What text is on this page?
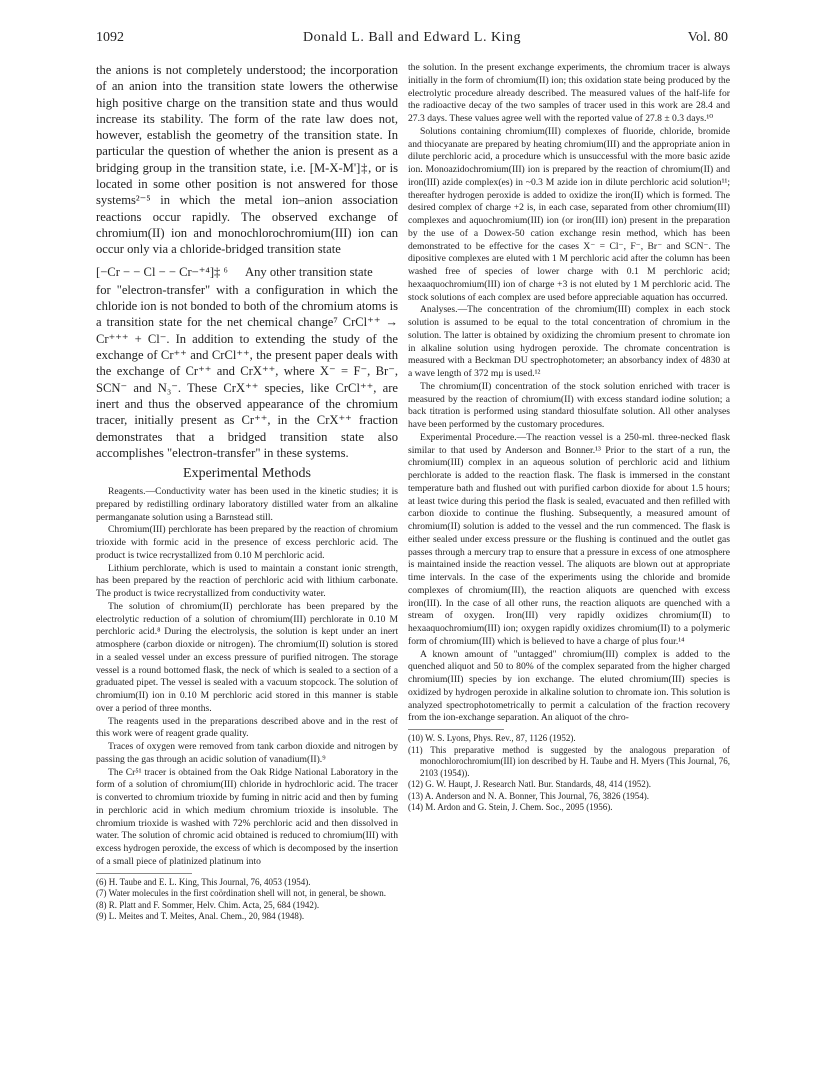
1092	Donald L. Ball and Edward L. King	Vol. 80

the anions is not completely understood; the incorporation of an anion into the transition state lowers the otherwise high positive charge on the transition state and thus would increase its stability. The form of the rate law does not, however, establish the geometry of the transition state. In particular the question of whether the anion is present as a bridging group in the transition state, i.e. [M-X-M']‡, or is located in some other position is not answered for those systems²⁻⁵ in which the metal ion–anion association reactions occur rapidly. The observed exchange of chromium(II) ion and monochlorochromium(III) ion can occur only via a chloride-bridged transition state

[−Cr − − Cl − − Cr−⁺⁴]‡ ⁶ Any other transition state

for "electron-transfer" with a configuration in which the chloride ion is not bonded to both of the chromium atoms is a transition state for the net chemical change⁷ CrCl⁺⁺ → Cr⁺⁺⁺ + Cl⁻. In addition to extending the study of the exchange of Cr⁺⁺ and CrCl⁺⁺, the present paper deals with the exchange of Cr⁺⁺ and CrX⁺⁺, where X⁻ = F⁻, Br⁻, SCN⁻ and N₃⁻. These CrX⁺⁺ species, like CrCl⁺⁺, are inert and thus the observed appearance of the chromium tracer, initially present as Cr⁺⁺, in the CrX⁺⁺ fraction demonstrates that a bridged transition state also accomplishes "electron-transfer" in these systems.

Experimental Methods

Reagents.—Conductivity water has been used in the kinetic studies; it is prepared by redistilling ordinary laboratory distilled water from an alkaline permanganate solution using a Barnstead still.

Chromium(III) perchlorate has been prepared by the reaction of chromium trioxide with formic acid in the presence of excess perchloric acid. The product is twice recrystallized from 0.10 M perchloric acid.

Lithium perchlorate, which is used to maintain a constant ionic strength, has been prepared by the reaction of perchloric acid with lithium carbonate. The product is twice recrystallized from conductivity water.

The solution of chromium(II) perchlorate has been prepared by the electrolytic reduction of a solution of chromium(III) perchlorate in 0.10 M perchloric acid.⁸ During the electrolysis, the solution is kept under an inert atmosphere (carbon dioxide or nitrogen). The chromium(II) solution is stored in a sealed vessel under an excess pressure of purified nitrogen. The storage vessel is a round bottomed flask, the neck of which is sealed to a section of a graduated pipet. The vessel is sealed with a vacuum stopcock. The solution of chromium(II) ion in 0.10 M perchloric acid stored in this manner is stable over a period of three months.

The reagents used in the preparations described above and in the rest of this work were of reagent grade quality.

Traces of oxygen were removed from tank carbon dioxide and nitrogen by passing the gas through an acidic solution of vanadium(II).⁹

The Cr⁵¹ tracer is obtained from the Oak Ridge National Laboratory in the form of a solution of chromium(III) chloride in hydrochloric acid. The tracer is converted to chromium trioxide by fuming in nitric acid and then by fuming in perchloric acid in which medium chromium trioxide is insoluble. The chromium trioxide is washed with 72% perchloric acid and then dissolved in water. The solution of chromic acid obtained is reduced to chromium(III) with excess hydrogen peroxide, the excess of which is decomposed by the insertion of a small piece of platinized platinum into

(6) H. Taube and E. L. King, This Journal, 76, 4053 (1954).

(7) Water molecules in the first coördination shell will not, in general, be shown.

(8) R. Platt and F. Sommer, Helv. Chim. Acta, 25, 684 (1942).

(9) L. Meites and T. Meites, Anal. Chem., 20, 984 (1948).

the solution. In the present exchange experiments, the chromium tracer is always initially in the form of chromium(II) ion; this oxidation state being produced by the electrolytic procedure already described. The measured values of the half-life for the radioactive decay of the two samples of tracer used in this work are 28.4 and 27.3 days. These values agree well with the reported value of 27.8 ± 0.3 days.¹⁰

Solutions containing chromium(III) complexes of fluoride, chloride, bromide and thiocyanate are prepared by heating chromium(III) and the appropriate anion in dilute perchloric acid, a procedure which is unsuccessful with the more basic azide ion. Monoazidochromium(III) ion is prepared by the reaction of chromium(II) and iron(III) azide complex(es) in ~0.3 M azide ion in dilute perchloric acid solution¹¹; thereafter hydrogen peroxide is added to oxidize the iron(II) which is formed. The desired complex of charge +2 is, in each case, separated from other chromium(III) complexes and aquochromium(III) ion (or iron(III) ion) present in the preparation by the use of a Dowex-50 cation exchange resin method, which has been demonstrated to be effective for the cases X⁻ = Cl⁻, F⁻, Br⁻ and SCN⁻. The dipositive complexes are eluted with 1 M perchloric acid after the column has been washed free of species of lower charge with 0.1 M perchloric acid; hexaaquochromium(III) ion of charge +3 is not eluted by 1 M perchloric acid. The stock solutions of each complex are used before appreciable aquation has occurred.

Analyses.—The concentration of the chromium(III) complex in each stock solution is assumed to be equal to the total concentration of chromium in the solution. The latter is obtained by oxidizing the chromium present to chromate ion in alkaline solution using hydrogen peroxide. The chromate concentration is measured with a Beckman DU spectrophotometer; an absorbancy index of 4830 at a wave length of 372 mμ is used.¹²

The chromium(II) concentration of the stock solution enriched with tracer is measured by the reaction of chromium(II) with excess standard iodine solution; a back titration is performed using standard thiosulfate solution. All other analyses have been performed by the customary procedures.

Experimental Procedure.—The reaction vessel is a 250-ml. three-necked flask similar to that used by Anderson and Bonner.¹³ Prior to the start of a run, the chromium(III) complex in an aqueous solution of perchloric acid and lithium perchlorate is added to the reaction flask. The flask is immersed in the constant temperature bath and flushed out with purified carbon dioxide for about 1.5 hours; at least twice during this period the flask is sealed, evacuated and then refilled with carbon dioxide to continue the flushing. Subsequently, a measured amount of chromium(II) solution is added to the vessel and the run commenced. The flask is either sealed under excess pressure or the flushing is continued and the outlet gas passes through a mercury trap to ensure that a pressure in excess of one atmosphere is maintained inside the reaction vessel. The aliquots are blown out at appropriate time intervals. In the case of the experiments using the chloride and bromide complexes of chromium(III), the reaction aliquots are quenched with excess iron(III). In the case of all other runs, the reaction aliquots are quenched with a stream of oxygen. Iron(III) very rapidly oxidizes chromium(II) to hexaaquochromium(III) ion; oxygen rapidly oxidizes chromium(II) to a polymeric form of chromium(III) which is believed to have a charge of plus four.¹⁴

A known amount of "untagged" chromium(III) complex is added to the quenched aliquot and 50 to 80% of the complex separated from the higher charged chromium(III) species by ion exchange. The eluted chromium(III) species is oxidized by hydrogen peroxide in alkaline solution to chromate ion. This solution is analyzed spectrophotometrically to permit a calculation of the fraction recovery from the ion-exchange separation. An aliquot of the chro-

(10) W. S. Lyons, Phys. Rev., 87, 1126 (1952).

(11) This preparative method is suggested by the analogous preparation of monochlorochromium(III) ion described by H. Taube and H. Myers (This Journal, 76, 2103 (1954)).

(12) G. W. Haupt, J. Research Natl. Bur. Standards, 48, 414 (1952).

(13) A. Anderson and N. A. Bonner, This Journal, 76, 3826 (1954).

(14) M. Ardon and G. Stein, J. Chem. Soc., 2095 (1956).
